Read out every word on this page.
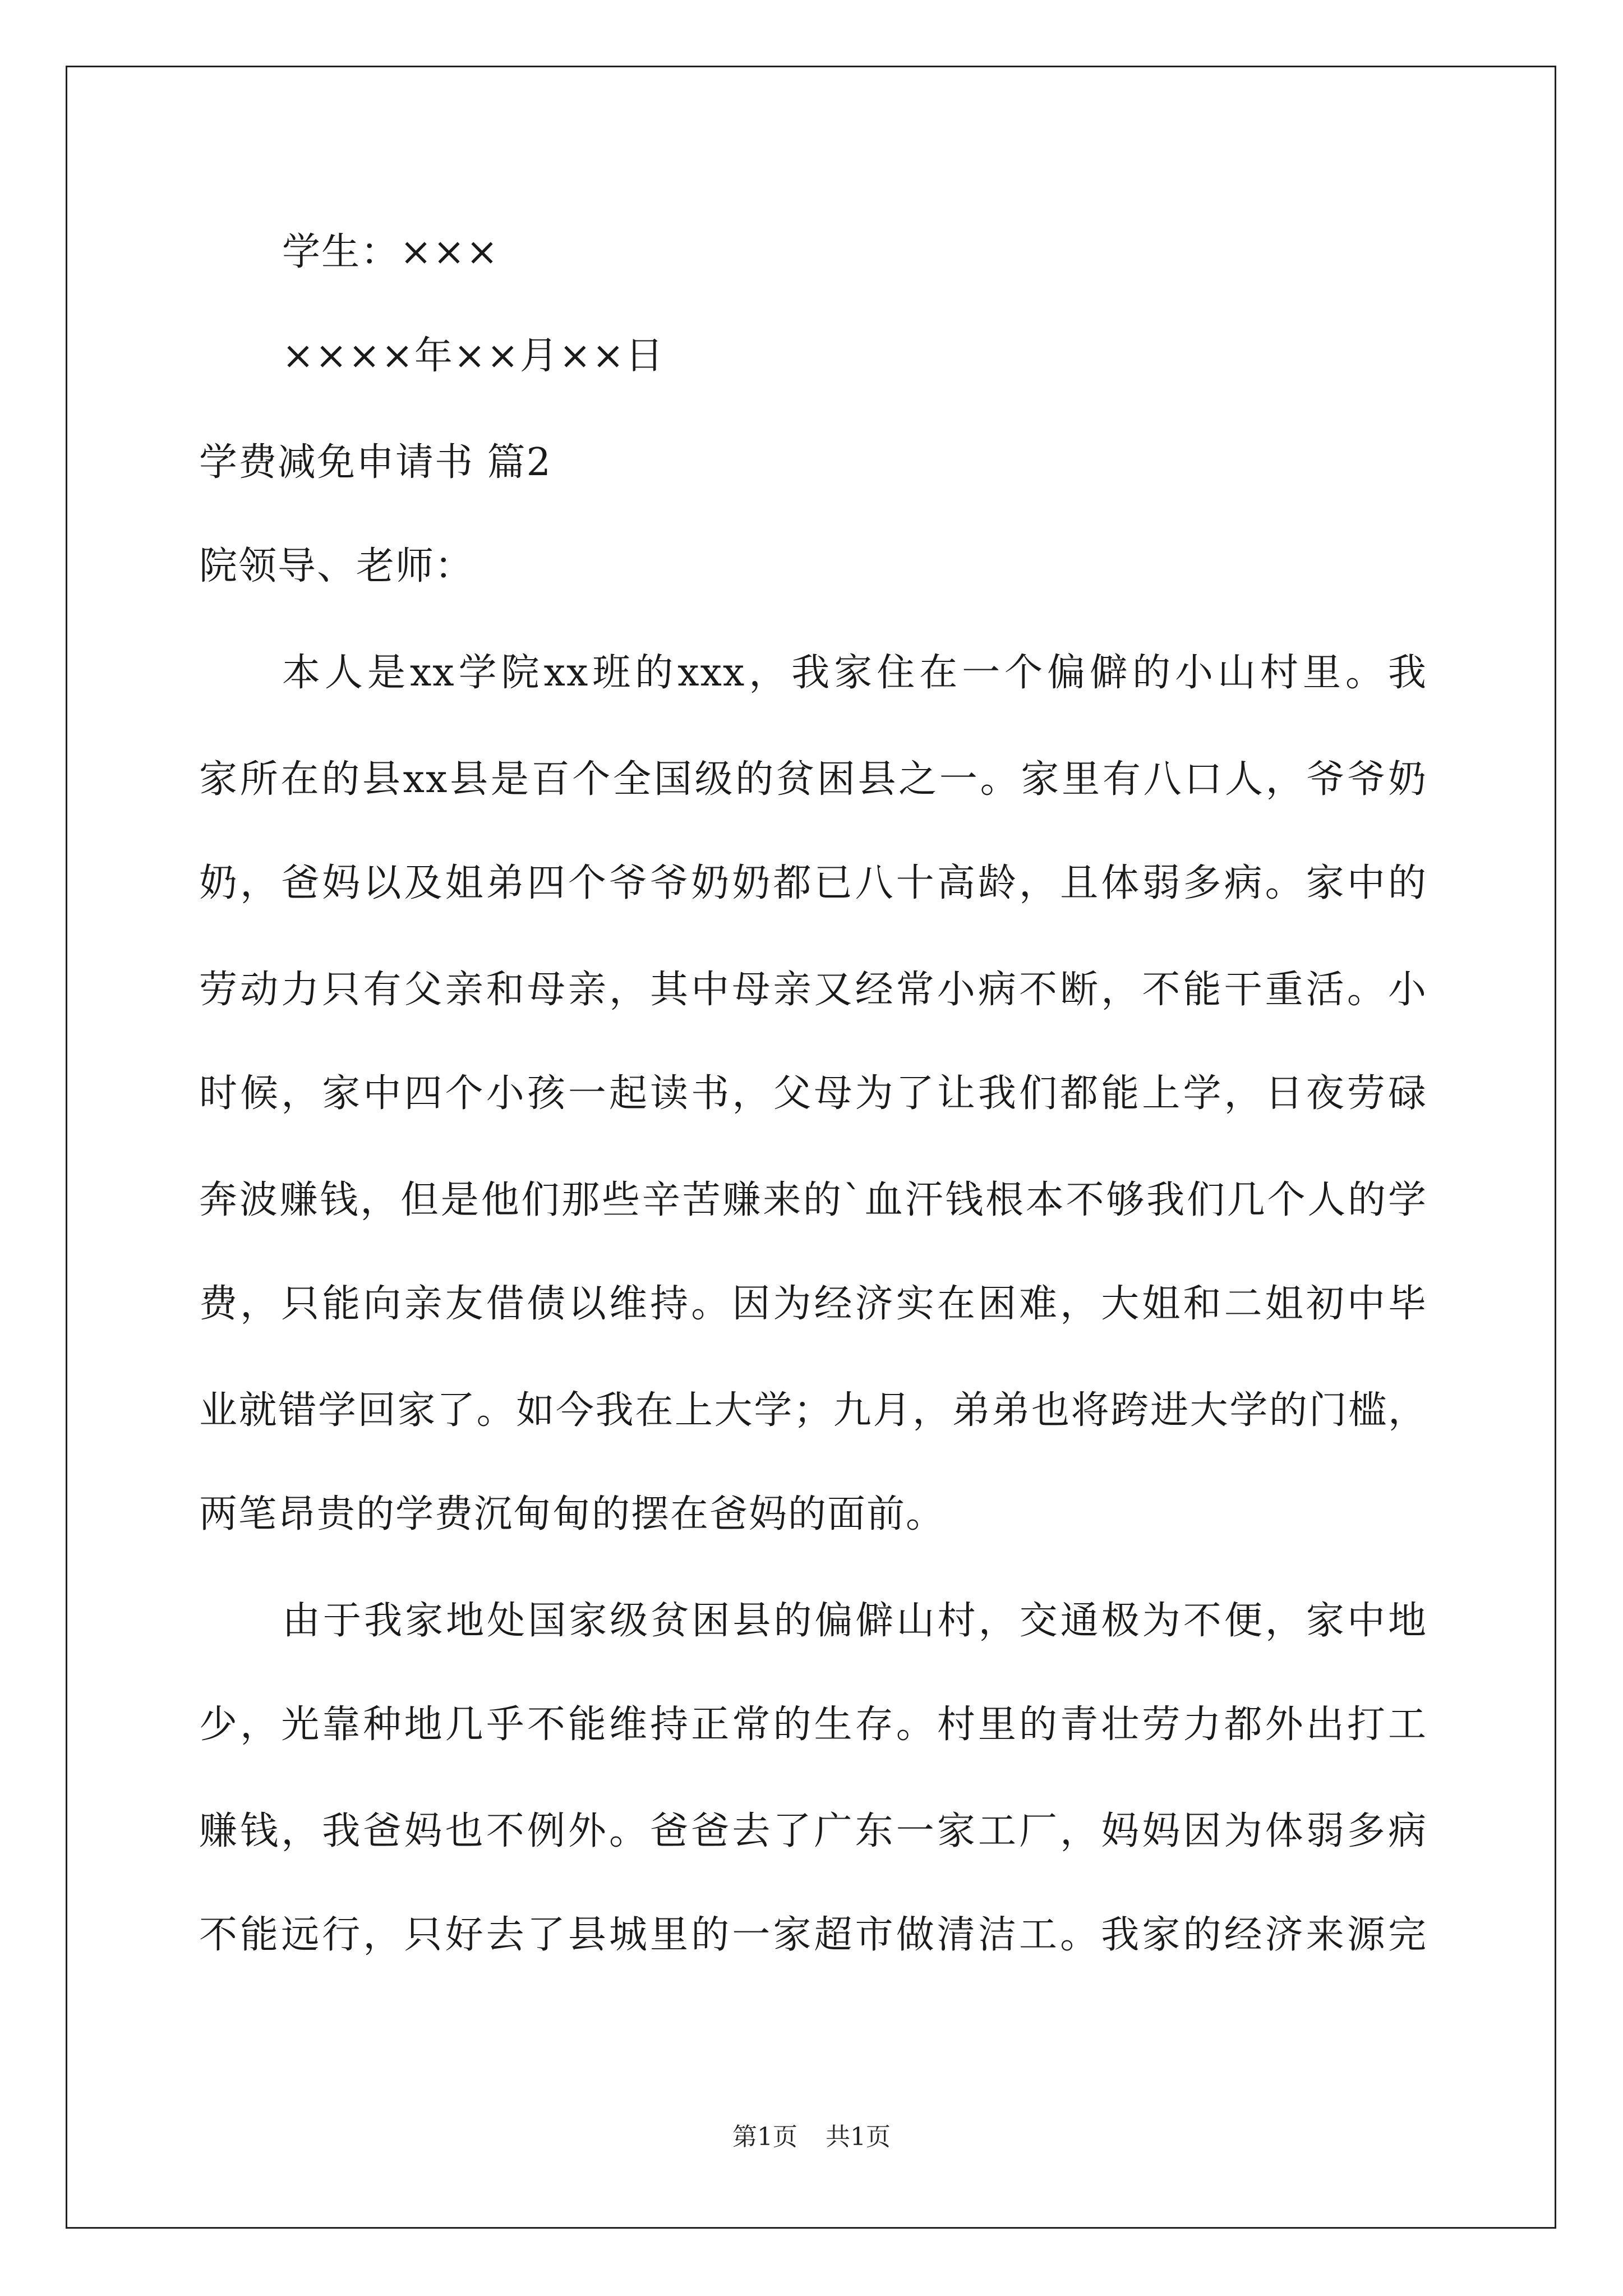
学生：×××
××××年××月××日
学费减免申请书 篇2
院领导、老师：
本人是xx学院xx班的xxx，我家住在一个偏僻的小山村里。我
家所在的县xx县是百个全国级的贫困县之一。家里有八口人，爷爷奶
奶，爸妈以及姐弟四个爷爷奶奶都已八十高龄，且体弱多病。家中的
劳动力只有父亲和母亲，其中母亲又经常小病不断，不能干重活。小
时候，家中四个小孩一起读书，父母为了让我们都能上学，日夜劳碌
奔波赚钱，但是他们那些辛苦赚来的`血汗钱根本不够我们几个人的学
费，只能向亲友借债以维持。因为经济实在困难，大姐和二姐初中毕
业就错学回家了。如今我在上大学；九月，弟弟也将跨进大学的门槛，
两笔昂贵的学费沉甸甸的摆在爸妈的面前。
由于我家地处国家级贫困县的偏僻山村，交通极为不便，家中地
少，光靠种地几乎不能维持正常的生存。村里的青壮劳力都外出打工
赚钱，我爸妈也不例外。爸爸去了广东一家工厂，妈妈因为体弱多病
不能远行，只好去了县城里的一家超市做清洁工。我家的经济来源完
第1页 共1页
